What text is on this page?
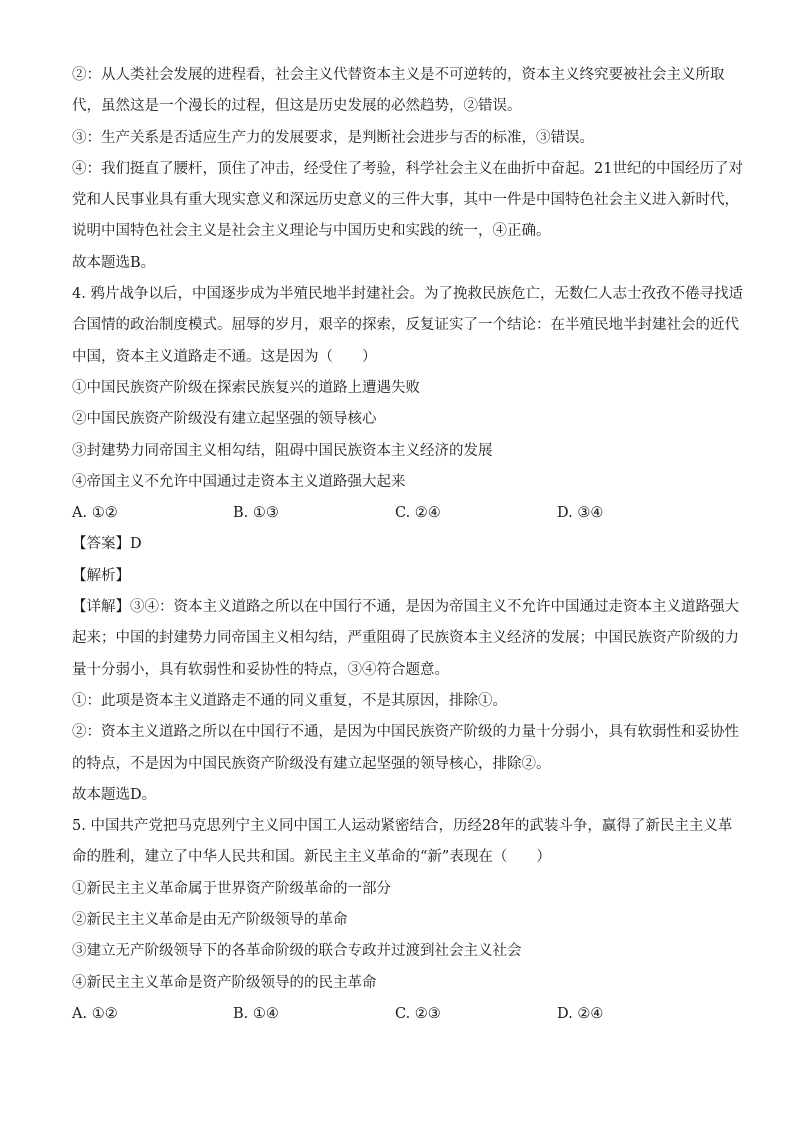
②：从人类社会发展的进程看，社会主义代替资本主义是不可逆转的，资本主义终究要被社会主义所取
代，虽然这是一个漫长的过程，但这是历史发展的必然趋势，②错误。
③：生产关系是否适应生产力的发展要求，是判断社会进步与否的标准，③错误。
④：我们挺直了腰杆，顶住了冲击，经受住了考验，科学社会主义在曲折中奋起。21世纪的中国经历了对
党和人民事业具有重大现实意义和深远历史意义的三件大事，其中一件是中国特色社会主义进入新时代，
说明中国特色社会主义是社会主义理论与中国历史和实践的统一，④正确。
故本题选B。
4. 鸦片战争以后，中国逐步成为半殖民地半封建社会。为了挽救民族危亡，无数仁人志士孜孜不倦寻找适
合国情的政治制度模式。屈辱的岁月，艰辛的探索，反复证实了一个结论：在半殖民地半封建社会的近代
中国，资本主义道路走不通。这是因为（　　）
①中国民族资产阶级在探索民族复兴的道路上遭遇失败
②中国民族资产阶级没有建立起坚强的领导核心
③封建势力同帝国主义相勾结，阻碍中国民族资本主义经济的发展
④帝国主义不允许中国通过走资本主义道路强大起来
A. ①②	B. ①③	C. ②④	D. ③④
【答案】D
【解析】
【详解】③④：资本主义道路之所以在中国行不通，是因为帝国主义不允许中国通过走资本主义道路强大
起来；中国的封建势力同帝国主义相勾结，严重阻碍了民族资本主义经济的发展；中国民族资产阶级的力
量十分弱小，具有软弱性和妥协性的特点，③④符合题意。
①：此项是资本主义道路走不通的同义重复，不是其原因，排除①。
②：资本主义道路之所以在中国行不通，是因为中国民族资产阶级的力量十分弱小，具有软弱性和妥协性
的特点，不是因为中国民族资产阶级没有建立起坚强的领导核心，排除②。
故本题选D。
5. 中国共产党把马克思列宁主义同中国工人运动紧密结合，历经28年的武装斗争，赢得了新民主主义革
命的胜利，建立了中华人民共和国。新民主主义革命的“新”表现在（　　）
①新民主主义革命属于世界资产阶级革命的一部分
②新民主主义革命是由无产阶级领导的革命
③建立无产阶级领导下的各革命阶级的联合专政并过渡到社会主义社会
④新民主主义革命是资产阶级领导的的民主革命
A. ①②	B. ①④	C. ②③	D. ②④
